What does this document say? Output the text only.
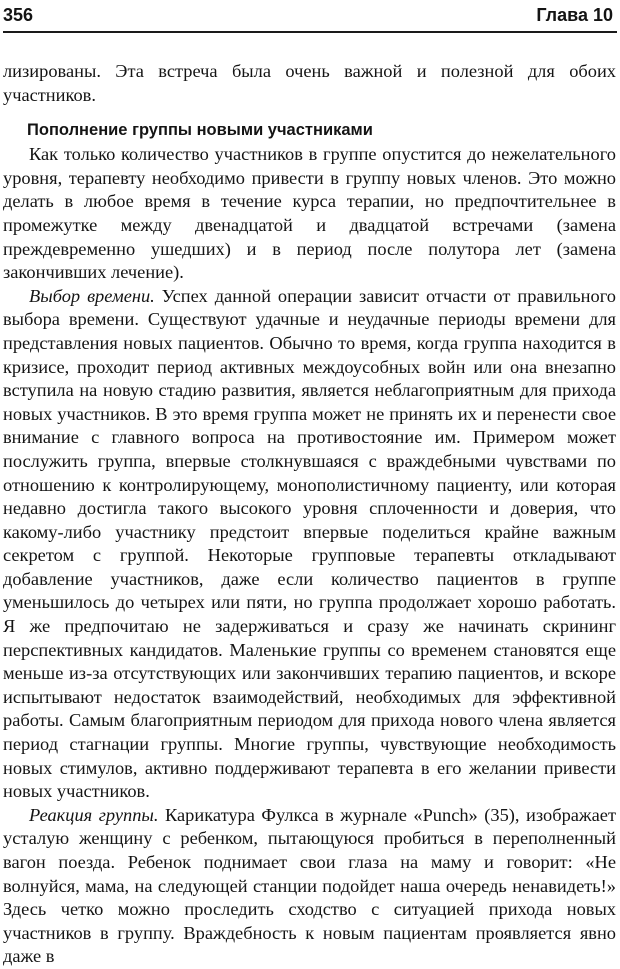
356	Глава 10

лизированы. Эта встреча была очень важной и полезной для обоих участников.

Пополнение группы новыми участниками

Как только количество участников в группе опустится до нежелательного уровня, терапевту необходимо привести в группу новых членов. Это можно делать в любое время в течение курса терапии, но предпочтительнее в промежутке между двенадцатой и двадцатой встречами (замена преждевременно ушедших) и в период после полутора лет (замена закончивших лечение).

Выбор времени. Успех данной операции зависит отчасти от правильного выбора времени. Существуют удачные и неудачные периоды времени для представления новых пациентов. Обычно то время, когда группа находится в кризисе, проходит период активных междоусобных войн или она внезапно вступила на новую стадию развития, является неблагоприятным для прихода новых участников. В это время группа может не принять их и перенести свое внимание с главного вопроса на противостояние им. Примером может послужить группа, впервые столкнувшаяся с враждебными чувствами по отношению к контролирующему, монополистичному пациенту, или которая недавно достигла такого высокого уровня сплоченности и доверия, что какому-либо участнику предстоит впервые поделиться крайне важным секретом с группой. Некоторые групповые терапевты откладывают добавление участников, даже если количество пациентов в группе уменьшилось до четырех или пяти, но группа продолжает хорошо работать. Я же предпочитаю не задерживаться и сразу же начинать скрининг перспективных кандидатов. Маленькие группы со временем становятся еще меньше из-за отсутствующих или закончивших терапию пациентов, и вскоре испытывают недостаток взаимодействий, необходимых для эффективной работы. Самым благоприятным периодом для прихода нового члена является период стагнации группы. Многие группы, чувствующие необходимость новых стимулов, активно поддерживают терапевта в его желании привести новых участников.

Реакция группы. Карикатура Фулкса в журнале «Punch» (35), изображает усталую женщину с ребенком, пытающуюся пробиться в переполненный вагон поезда. Ребенок поднимает свои глаза на маму и говорит: «Не волнуйся, мама, на следующей станции подойдет наша очередь ненавидеть!» Здесь четко можно проследить сходство с ситуацией прихода новых участников в группу. Враждебность к новым пациентам проявляется явно даже в
